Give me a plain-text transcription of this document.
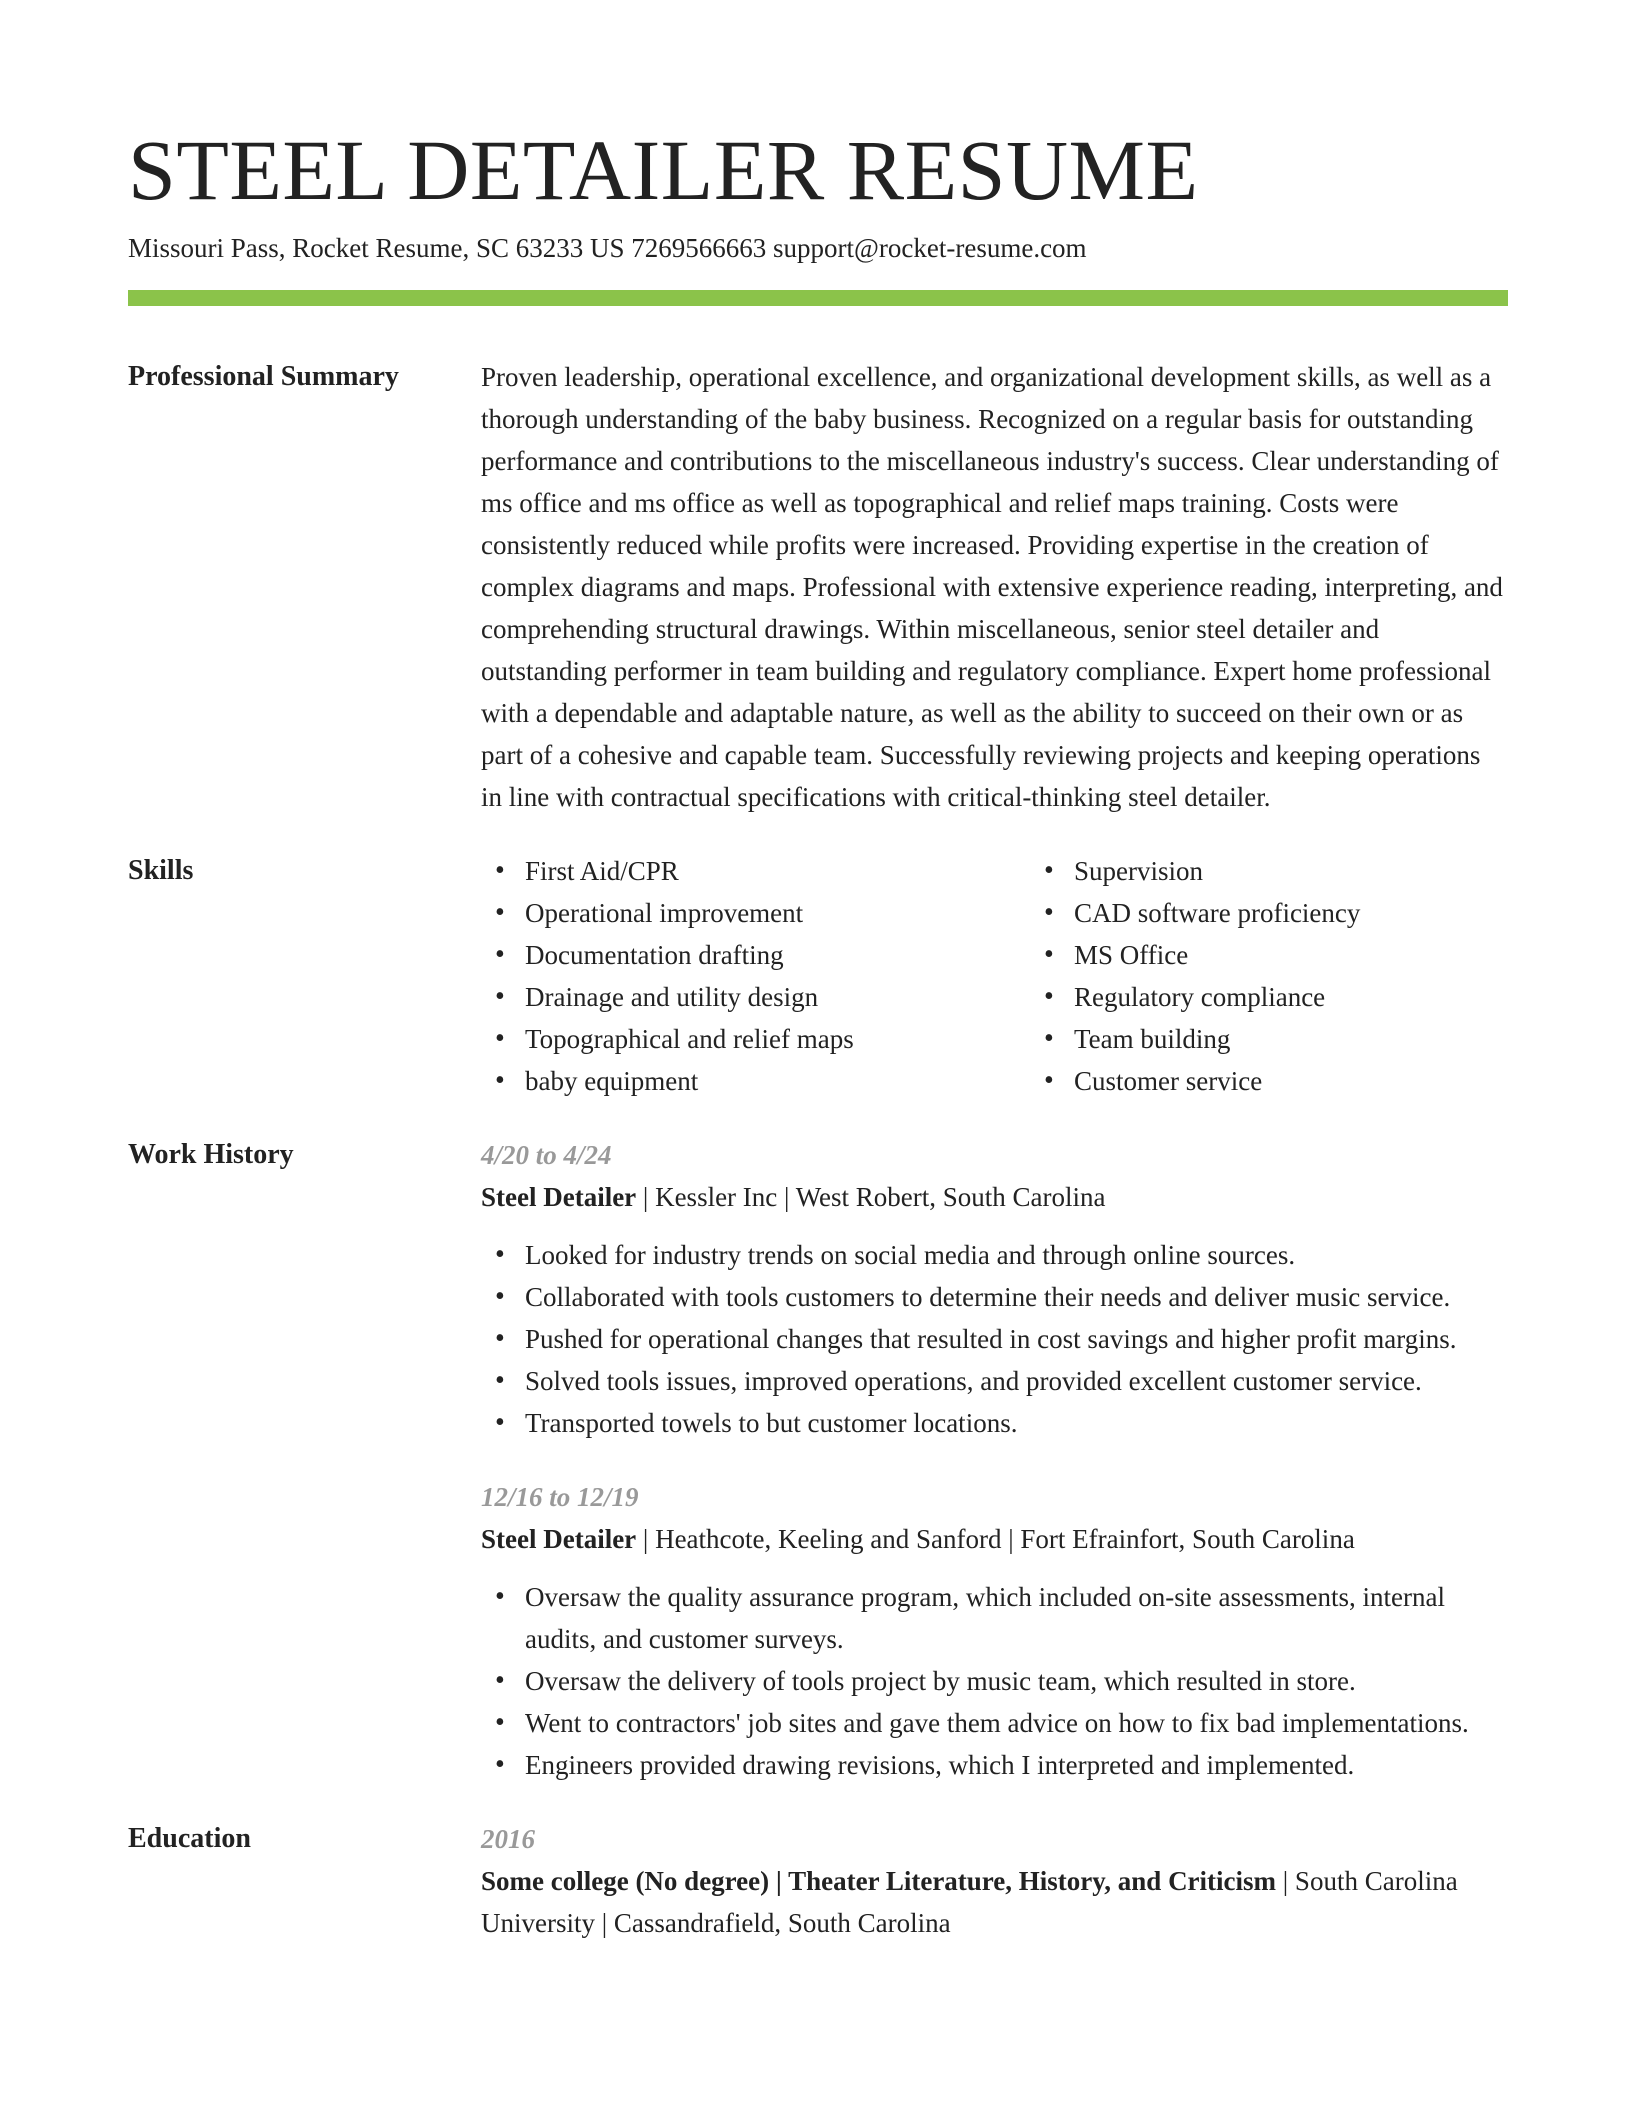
STEEL DETAILER RESUME
Missouri Pass, Rocket Resume, SC 63233 US 7269566663 support@rocket-resume.com
Professional Summary	Proven leadership, operational excellence, and organizational development skills, as well as a thorough understanding of the baby business. Recognized on a regular basis for outstanding performance and contributions to the miscellaneous industry's success. Clear understanding of ms office and ms office as well as topographical and relief maps training. Costs were consistently reduced while profits were increased. Providing expertise in the creation of complex diagrams and maps. Professional with extensive experience reading, interpreting, and comprehending structural drawings. Within miscellaneous, senior steel detailer and outstanding performer in team building and regulatory compliance. Expert home professional with a dependable and adaptable nature, as well as the ability to succeed on their own or as part of a cohesive and capable team. Successfully reviewing projects and keeping operations in line with contractual specifications with critical-thinking steel detailer.
Skills
•	First Aid/CPR
• Operational improvement
• Documentation drafting
• Drainage and utility design
• Topographical and relief maps
• baby equipment
• Supervision
• CAD software proficiency
• MS Office
• Regulatory compliance
• Team building
• Customer service
Work History	4/20 to 4/24
Steel Detailer | Kessler Inc | West Robert, South Carolina
• Looked for industry trends on social media and through online sources.
• Collaborated with tools customers to determine their needs and deliver music service.
• Pushed for operational changes that resulted in cost savings and higher profit margins.
• Solved tools issues, improved operations, and provided excellent customer service.
• Transported towels to but customer locations.
12/16 to 12/19
Steel Detailer | Heathcote, Keeling and Sanford | Fort Efrainfort, South Carolina
• Oversaw the quality assurance program, which included on-site assessments, internal audits, and customer surveys.
• Oversaw the delivery of tools project by music team, which resulted in store.
• Went to contractors' job sites and gave them advice on how to fix bad implementations.
• Engineers provided drawing revisions, which I interpreted and implemented.
Education	2016
Some college (No degree) | Theater Literature, History, and Criticism | South Carolina University | Cassandrafield, South Carolina
